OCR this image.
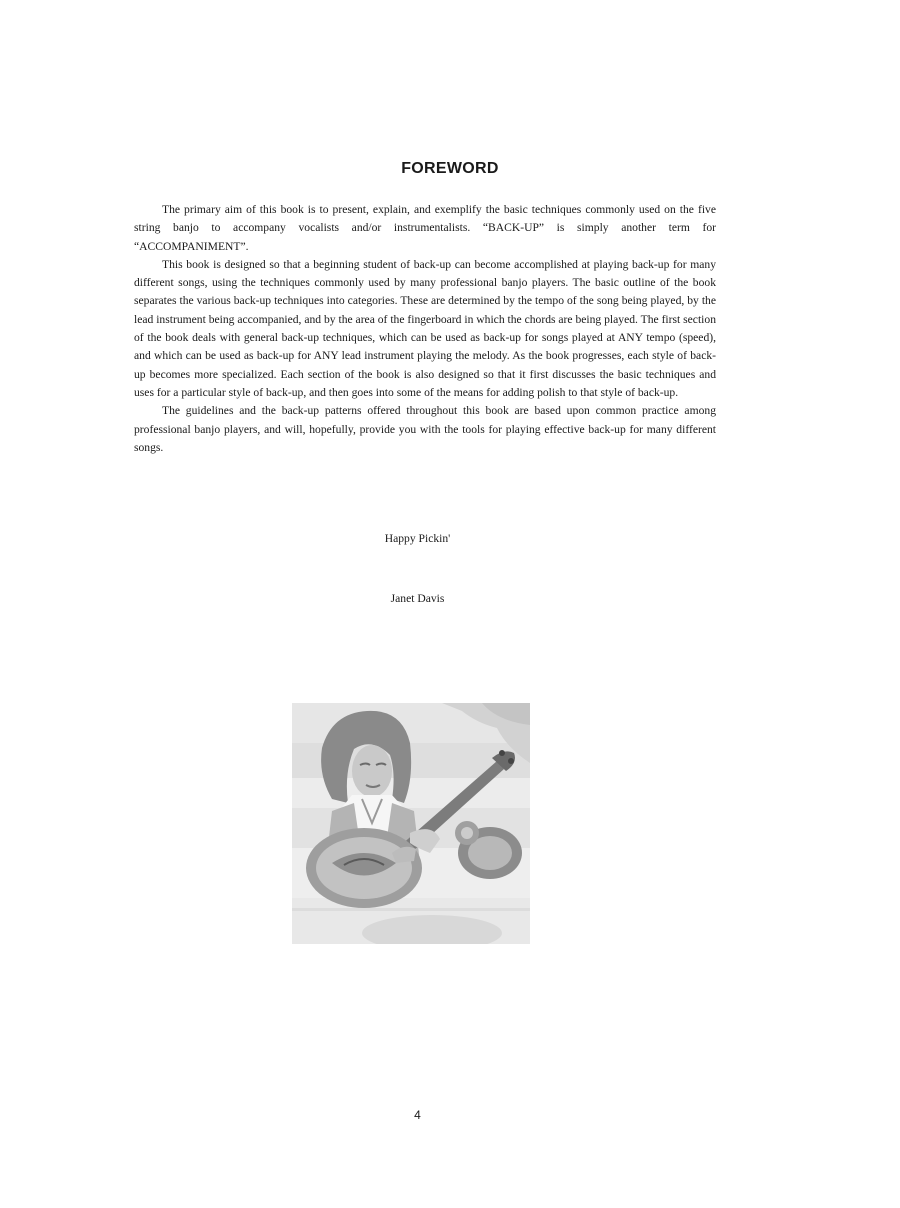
FOREWORD

The primary aim of this book is to present, explain, and exemplify the basic techniques commonly used on the five string banjo to accompany vocalists and/or instrumentalists. “BACK-UP” is simply another term for “ACCOMPANIMENT”.

This book is designed so that a beginning student of back-up can become accomplished at playing back-up for many different songs, using the techniques commonly used by many professional banjo players. The basic outline of the book separates the various back-up techniques into categories. These are determined by the tempo of the song being played, by the lead instrument being accompanied, and by the area of the fingerboard in which the chords are being played. The first section of the book deals with general back-up techniques, which can be used as back-up for songs played at ANY tempo (speed), and which can be used as back-up for ANY lead instrument playing the melody. As the book progresses, each style of back-up becomes more specialized. Each section of the book is also designed so that it first discusses the basic techniques and uses for a particular style of back-up, and then goes into some of the means for adding polish to that style of back-up.

The guidelines and the back-up patterns offered throughout this book are based upon common practice among professional banjo players, and will, hopefully, provide you with the tools for playing effective back-up for many different songs.

Happy Pickin'
Janet Davis
4
